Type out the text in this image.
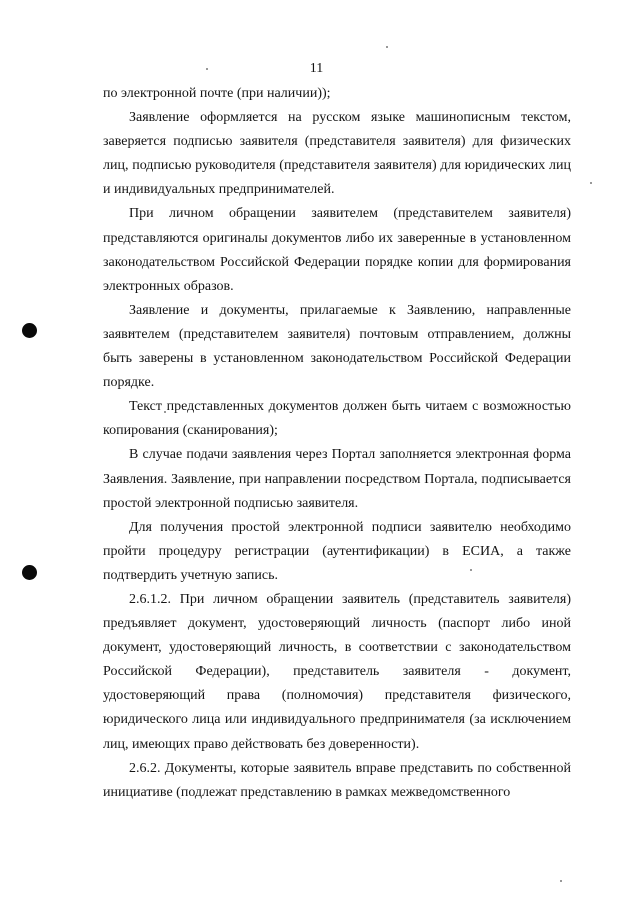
11

по электронной почте (при наличии));

Заявление оформляется на русском языке машинописным текстом, заверяется подписью заявителя (представителя заявителя) для физических лиц, подписью руководителя (представителя заявителя) для юридических лиц и индивидуальных предпринимателей.

При личном обращении заявителем (представителем заявителя) представляются оригиналы документов либо их заверенные в установленном законодательством Российской Федерации порядке копии для формирования электронных образов.

Заявление и документы, прилагаемые к Заявлению, направленные заявителем (представителем заявителя) почтовым отправлением, должны быть заверены в установленном законодательством Российской Федерации порядке.

Текст представленных документов должен быть читаем с возможностью копирования (сканирования);

В случае подачи заявления через Портал заполняется электронная форма Заявления. Заявление, при направлении посредством Портала, подписывается простой электронной подписью заявителя.

Для получения простой электронной подписи заявителю необходимо пройти процедуру регистрации (аутентификации) в ЕСИА, а также подтвердить учетную запись.

2.6.1.2. При личном обращении заявитель (представитель заявителя) предъявляет документ, удостоверяющий личность (паспорт либо иной документ, удостоверяющий личность, в соответствии с законодательством Российской Федерации), представитель заявителя - документ, удостоверяющий права (полномочия) представителя физического, юридического лица или индивидуального предпринимателя (за исключением лиц, имеющих право действовать без доверенности).

2.6.2. Документы, которые заявитель вправе представить по собственной инициативе (подлежат представлению в рамках межведомственного
